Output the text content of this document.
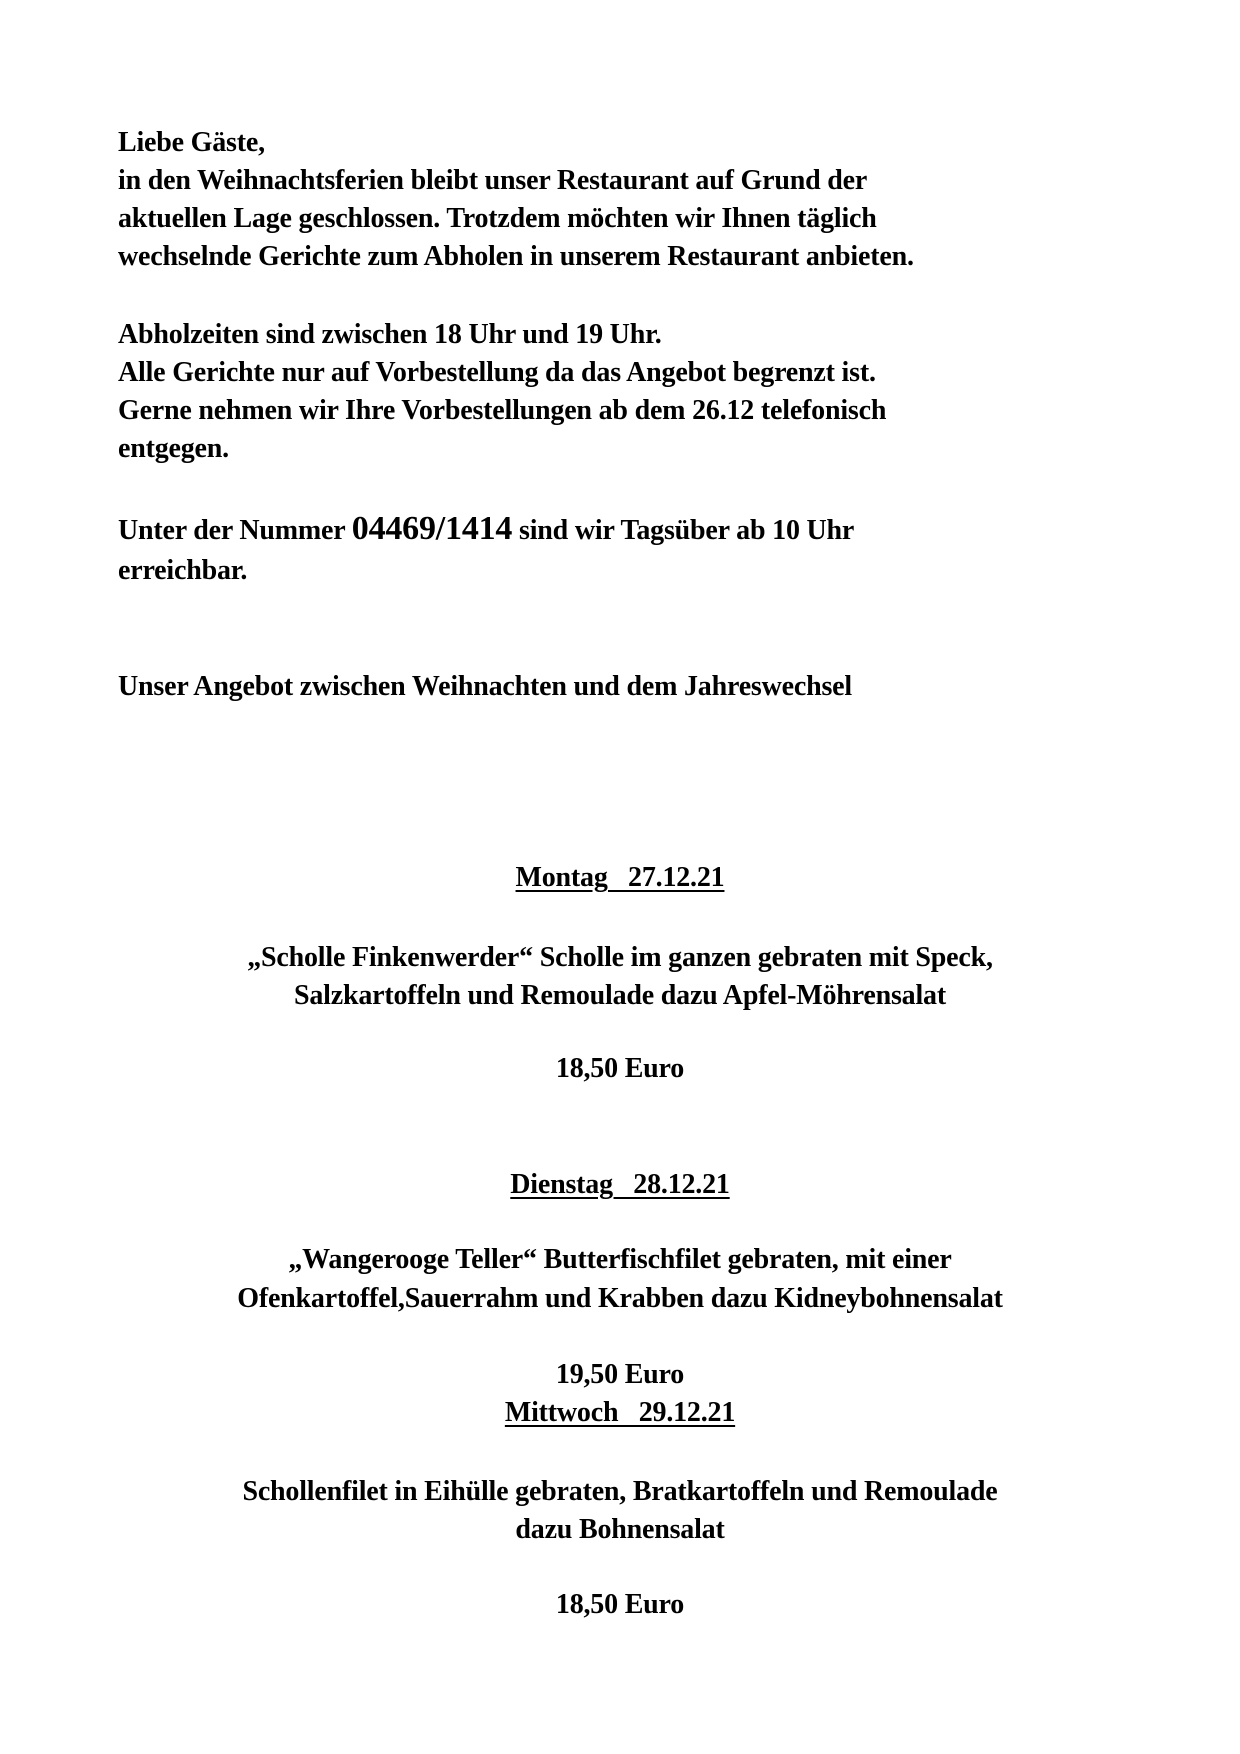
Liebe Gäste,
in den Weihnachtsferien bleibt unser Restaurant auf Grund der
aktuellen Lage geschlossen. Trotzdem möchten wir Ihnen täglich
wechselnde Gerichte zum Abholen in unserem Restaurant anbieten.
Abholzeiten sind zwischen 18 Uhr und 19 Uhr.
Alle Gerichte nur auf Vorbestellung da das Angebot begrenzt ist.
Gerne nehmen wir Ihre Vorbestellungen ab dem 26.12 telefonisch
entgegen.
Unter der Nummer 04469/1414 sind wir Tagsüber ab 10 Uhr
erreichbar.
Unser Angebot zwischen Weihnachten und dem Jahreswechsel
Montag   27.12.21
„Scholle Finkenwerder“ Scholle im ganzen gebraten mit Speck,
Salzkartoffeln und Remoulade dazu Apfel-Möhrensalat
18,50 Euro
Dienstag   28.12.21
„Wangerooge Teller“ Butterfischfilet gebraten, mit einer
Ofenkartoffel,Sauerrahm und Krabben dazu Kidneybohnensalat
19,50 Euro
Mittwoch   29.12.21
Schollenfilet in Eihülle gebraten, Bratkartoffeln und Remoulade
dazu Bohnensalat
18,50 Euro
